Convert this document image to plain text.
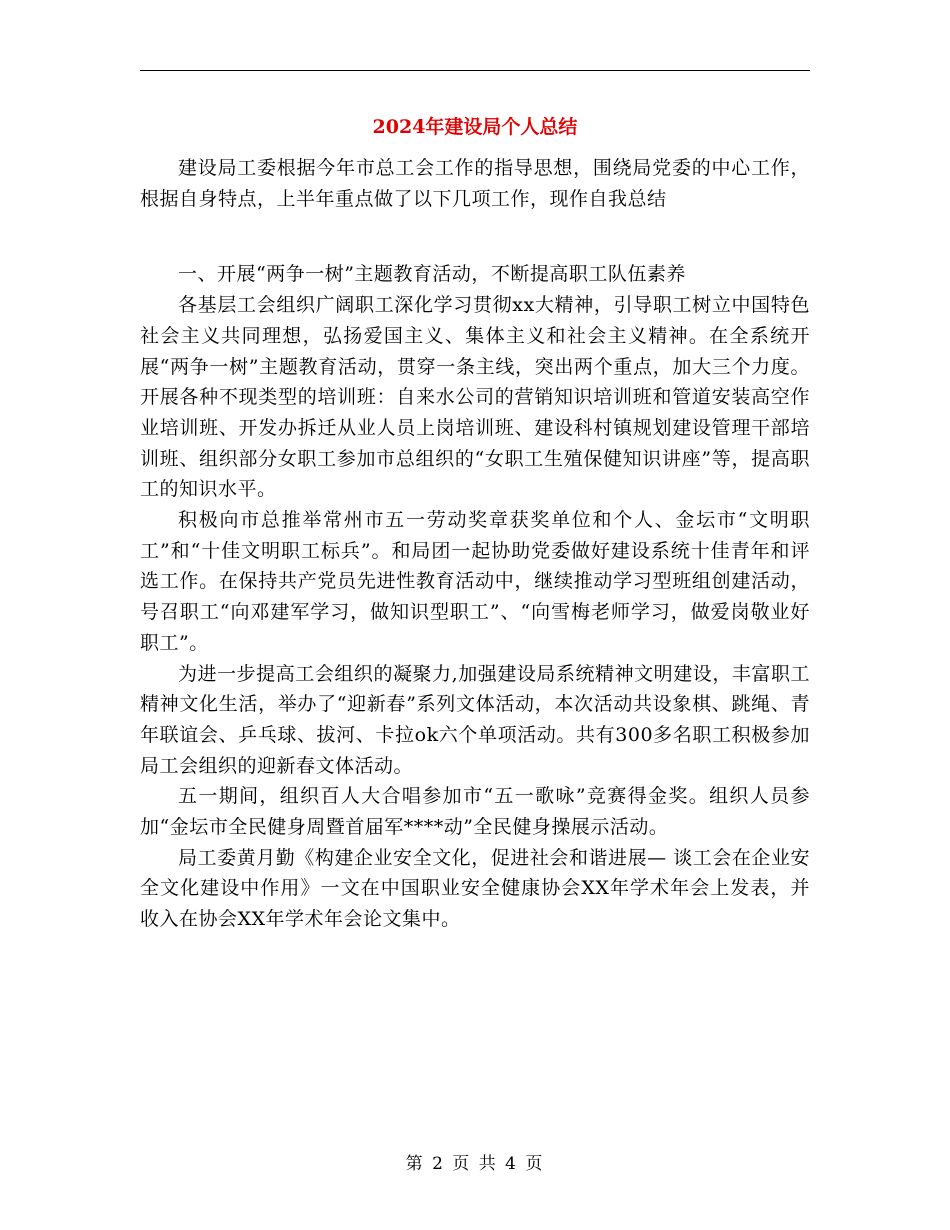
2024年建设局个人总结

建设局工委根据今年市总工会工作的指导思想，围绕局党委的中心工作，根据自身特点，上半年重点做了以下几项工作，现作自我总结

一、开展“两争一树”主题教育活动，不断提高职工队伍素养

各基层工会组织广阔职工深化学习贯彻xx大精神，引导职工树立中国特色社会主义共同理想，弘扬爱国主义、集体主义和社会主义精神。在全系统开展“两争一树”主题教育活动，贯穿一条主线，突出两个重点，加大三个力度。开展各种不现类型的培训班：自来水公司的营销知识培训班和管道安装高空作业培训班、开发办拆迁从业人员上岗培训班、建设科村镇规划建设管理干部培训班、组织部分女职工参加市总组织的“女职工生殖保健知识讲座”等，提高职工的知识水平。

积极向市总推举常州市五一劳动奖章获奖单位和个人、金坛市“文明职工”和“十佳文明职工标兵”。和局团一起协助党委做好建设系统十佳青年和评选工作。在保持共产党员先进性教育活动中，继续推动学习型班组创建活动，号召职工“向邓建军学习，做知识型职工”、“向雪梅老师学习，做爱岗敬业好职工”。

为进一步提高工会组织的凝聚力,加强建设局系统精神文明建设，丰富职工精神文化生活，举办了“迎新春”系列文体活动，本次活动共设象棋、跳绳、青年联谊会、乒乓球、拔河、卡拉ok六个单项活动。共有300多名职工积极参加局工会组织的迎新春文体活动。

五一期间，组织百人大合唱参加市“五一歌咏”竞赛得金奖。组织人员参加“金坛市全民健身周暨首届军****动”全民健身操展示活动。

局工委黄月勤《构建企业安全文化，促进社会和谐进展— 谈工会在企业安全文化建设中作用》一文在中国职业安全健康协会XX年学术年会上发表，并收入在协会XX年学术年会论文集中。

第 2 页 共 4 页
